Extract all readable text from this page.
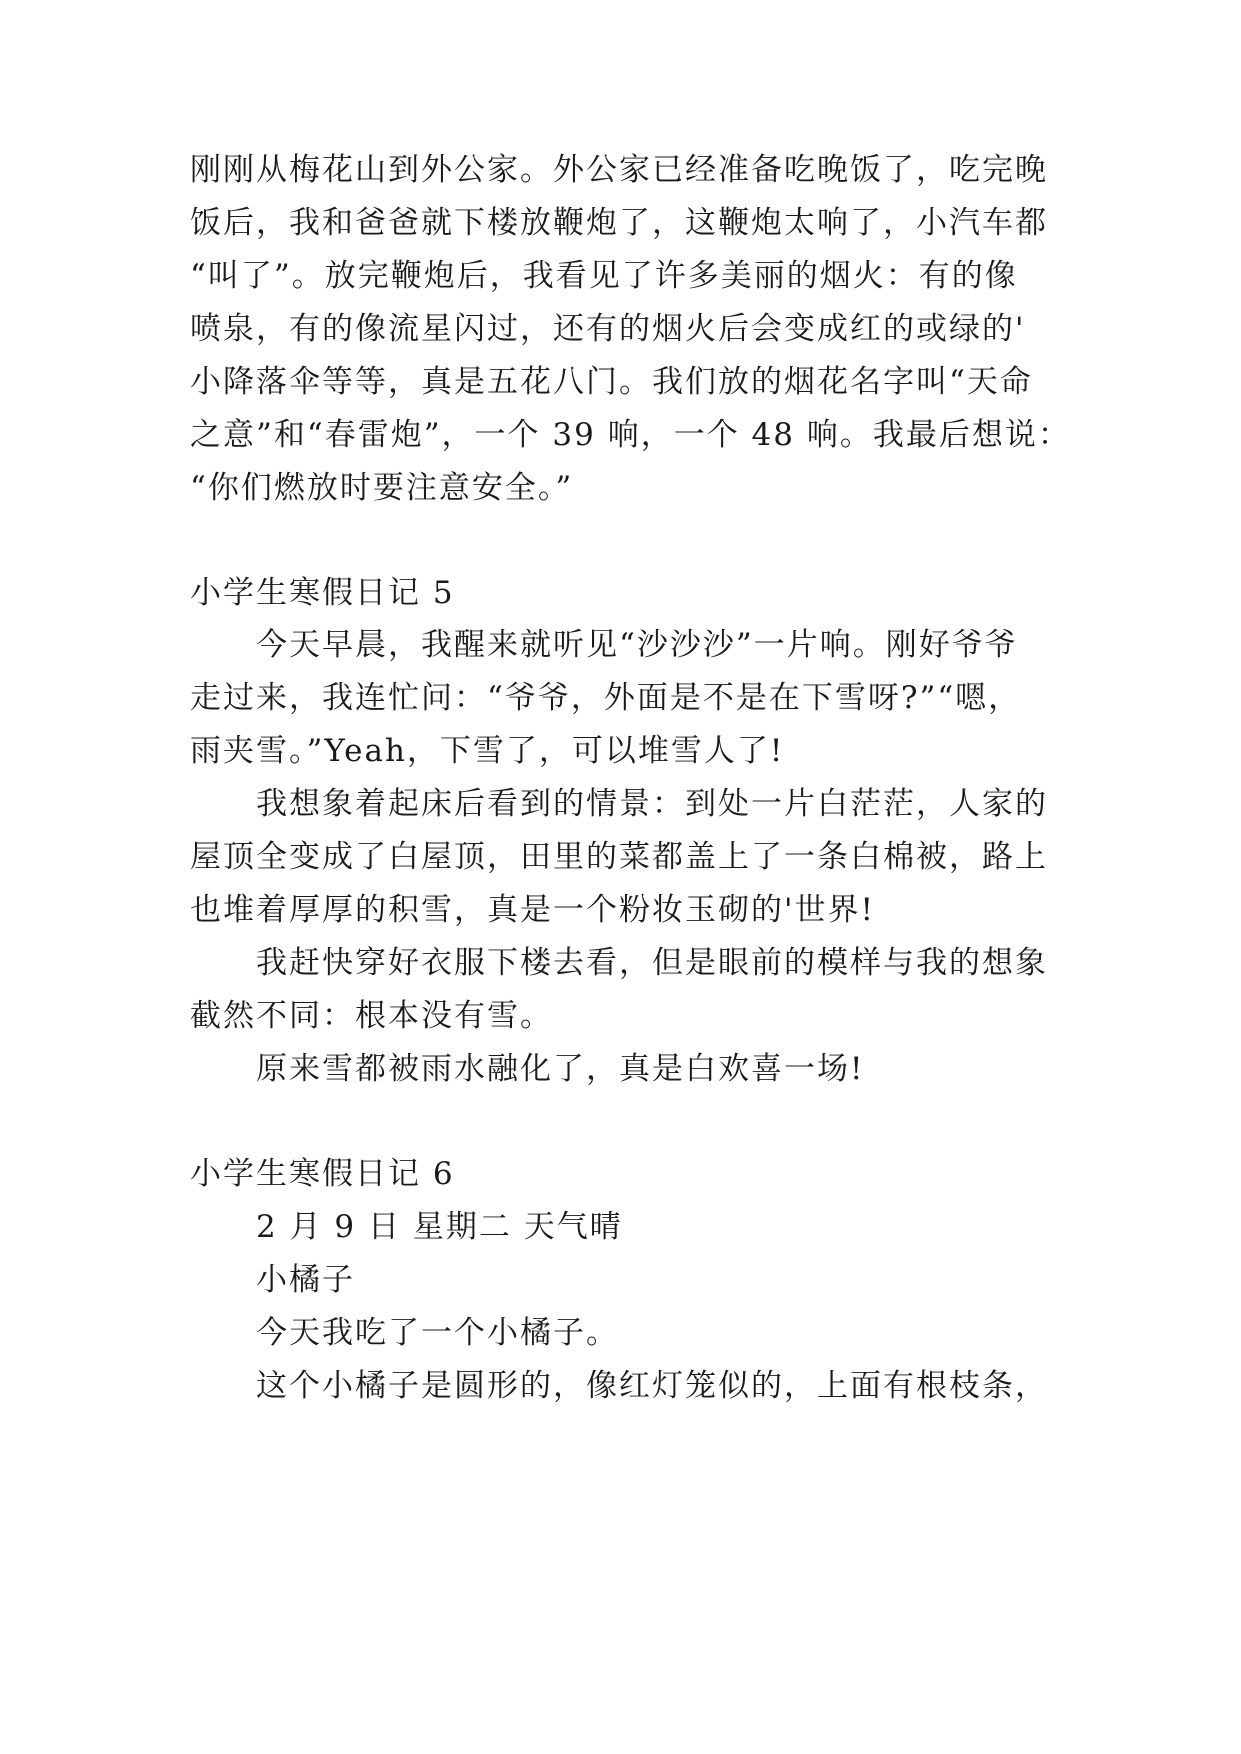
刚刚从梅花山到外公家。外公家已经准备吃晚饭了，吃完晚
饭后，我和爸爸就下楼放鞭炮了，这鞭炮太响了，小汽车都
“叫了”。放完鞭炮后，我看见了许多美丽的烟火：有的像
喷泉，有的像流星闪过，还有的烟火后会变成红的或绿的'
小降落伞等等，真是五花八门。我们放的烟花名字叫“天命
之意”和“春雷炮”，一个 39 响，一个 48 响。我最后想说：
“你们燃放时要注意安全。”
小学生寒假日记 5
今天早晨，我醒来就听见“沙沙沙”一片响。刚好爷爷
走过来，我连忙问：“爷爷，外面是不是在下雪呀?”“嗯，
雨夹雪。”Yeah，下雪了，可以堆雪人了!
我想象着起床后看到的情景：到处一片白茫茫，人家的
屋顶全变成了白屋顶，田里的菜都盖上了一条白棉被，路上
也堆着厚厚的积雪，真是一个粉妆玉砌的'世界!
我赶快穿好衣服下楼去看，但是眼前的模样与我的想象
截然不同：根本没有雪。
原来雪都被雨水融化了，真是白欢喜一场!
小学生寒假日记 6
2 月 9 日 星期二 天气晴
小橘子
今天我吃了一个小橘子。
这个小橘子是圆形的，像红灯笼似的，上面有根枝条，
